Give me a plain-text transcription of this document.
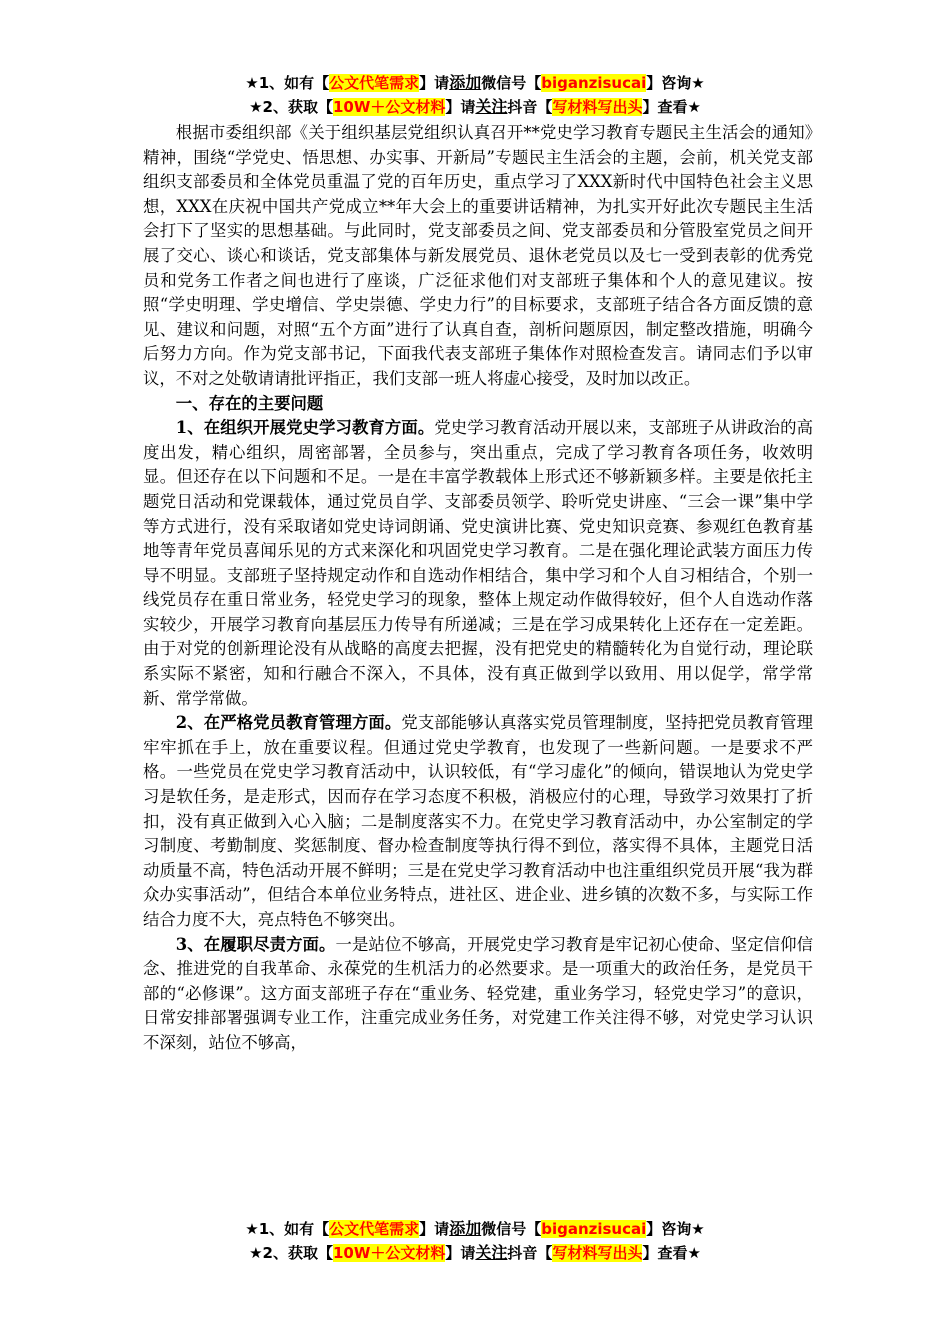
★1、如有【公文代笔需求】请添加微信号【biganzisucai】咨询★
★2、获取【10W＋公文材料】请关注抖音【写材料写出头】查看★

根据市委组织部《关于组织基层党组织认真召开**党史学习教育专题民主生活会的通知》精神，围绕“学党史、悟思想、办实事、开新局”专题民主生活会的主题，会前，机关党支部组织支部委员和全体党员重温了党的百年历史，重点学习了XXX新时代中国特色社会主义思想，XXX在庆祝中国共产党成立**年大会上的重要讲话精神，为扎实开好此次专题民主生活会打下了坚实的思想基础。与此同时，党支部委员之间、党支部委员和分管股室党员之间开展了交心、谈心和谈话，党支部集体与新发展党员、退休老党员以及七一受到表彰的优秀党员和党务工作者之间也进行了座谈，广泛征求他们对支部班子集体和个人的意见建议。按照“学史明理、学史增信、学史崇德、学史力行”的目标要求，支部班子结合各方面反馈的意见、建议和问题，对照“五个方面”进行了认真自查，剖析问题原因，制定整改措施，明确今后努力方向。作为党支部书记，下面我代表支部班子集体作对照检查发言。请同志们予以审议，不对之处敬请请批评指正，我们支部一班人将虚心接受，及时加以改正。

一、存在的主要问题

1、在组织开展党史学习教育方面。党史学习教育活动开展以来，支部班子从讲政治的高度出发，精心组织，周密部署，全员参与，突出重点，完成了学习教育各项任务，收效明显。但还存在以下问题和不足。一是在丰富学教载体上形式还不够新颖多样。主要是依托主题党日活动和党课载体，通过党员自学、支部委员领学、聆听党史讲座、“三会一课”集中学等方式进行，没有采取诸如党史诗词朗诵、党史演讲比赛、党史知识竞赛、参观红色教育基地等青年党员喜闻乐见的方式来深化和巩固党史学习教育。二是在强化理论武装方面压力传导不明显。支部班子坚持规定动作和自选动作相结合，集中学习和个人自习相结合，个别一线党员存在重日常业务，轻党史学习的现象，整体上规定动作做得较好，但个人自选动作落实较少，开展学习教育向基层压力传导有所递减；三是在学习成果转化上还存在一定差距。由于对党的创新理论没有从战略的高度去把握，没有把党史的精髓转化为自觉行动，理论联系实际不紧密，知和行融合不深入，不具体，没有真正做到学以致用、用以促学，常学常新、常学常做。

2、在严格党员教育管理方面。党支部能够认真落实党员管理制度，坚持把党员教育管理牢牢抓在手上，放在重要议程。但通过党史学教育，也发现了一些新问题。一是要求不严格。一些党员在党史学习教育活动中，认识较低，有“学习虚化”的倾向，错误地认为党史学习是软任务，是走形式，因而存在学习态度不积极，消极应付的心理，导致学习效果打了折扣，没有真正做到入心入脑；二是制度落实不力。在党史学习教育活动中，办公室制定的学习制度、考勤制度、奖惩制度、督办检查制度等执行得不到位，落实得不具体，主题党日活动质量不高，特色活动开展不鲜明；三是在党史学习教育活动中也注重组织党员开展“我为群众办实事活动”，但结合本单位业务特点，进社区、进企业、进乡镇的次数不多，与实际工作结合力度不大，亮点特色不够突出。

3、在履职尽责方面。一是站位不够高，开展党史学习教育是牢记初心使命、坚定信仰信念、推进党的自我革命、永葆党的生机活力的必然要求。是一项重大的政治任务，是党员干部的“必修课”。这方面支部班子存在“重业务、轻党建，重业务学习，轻党史学习”的意识，日常安排部署强调专业工作，注重完成业务任务，对党建工作关注得不够，对党史学习认识不深刻，站位不够高，

★1、如有【公文代笔需求】请添加微信号【biganzisucai】咨询★
★2、获取【10W＋公文材料】请关注抖音【写材料写出头】查看★
